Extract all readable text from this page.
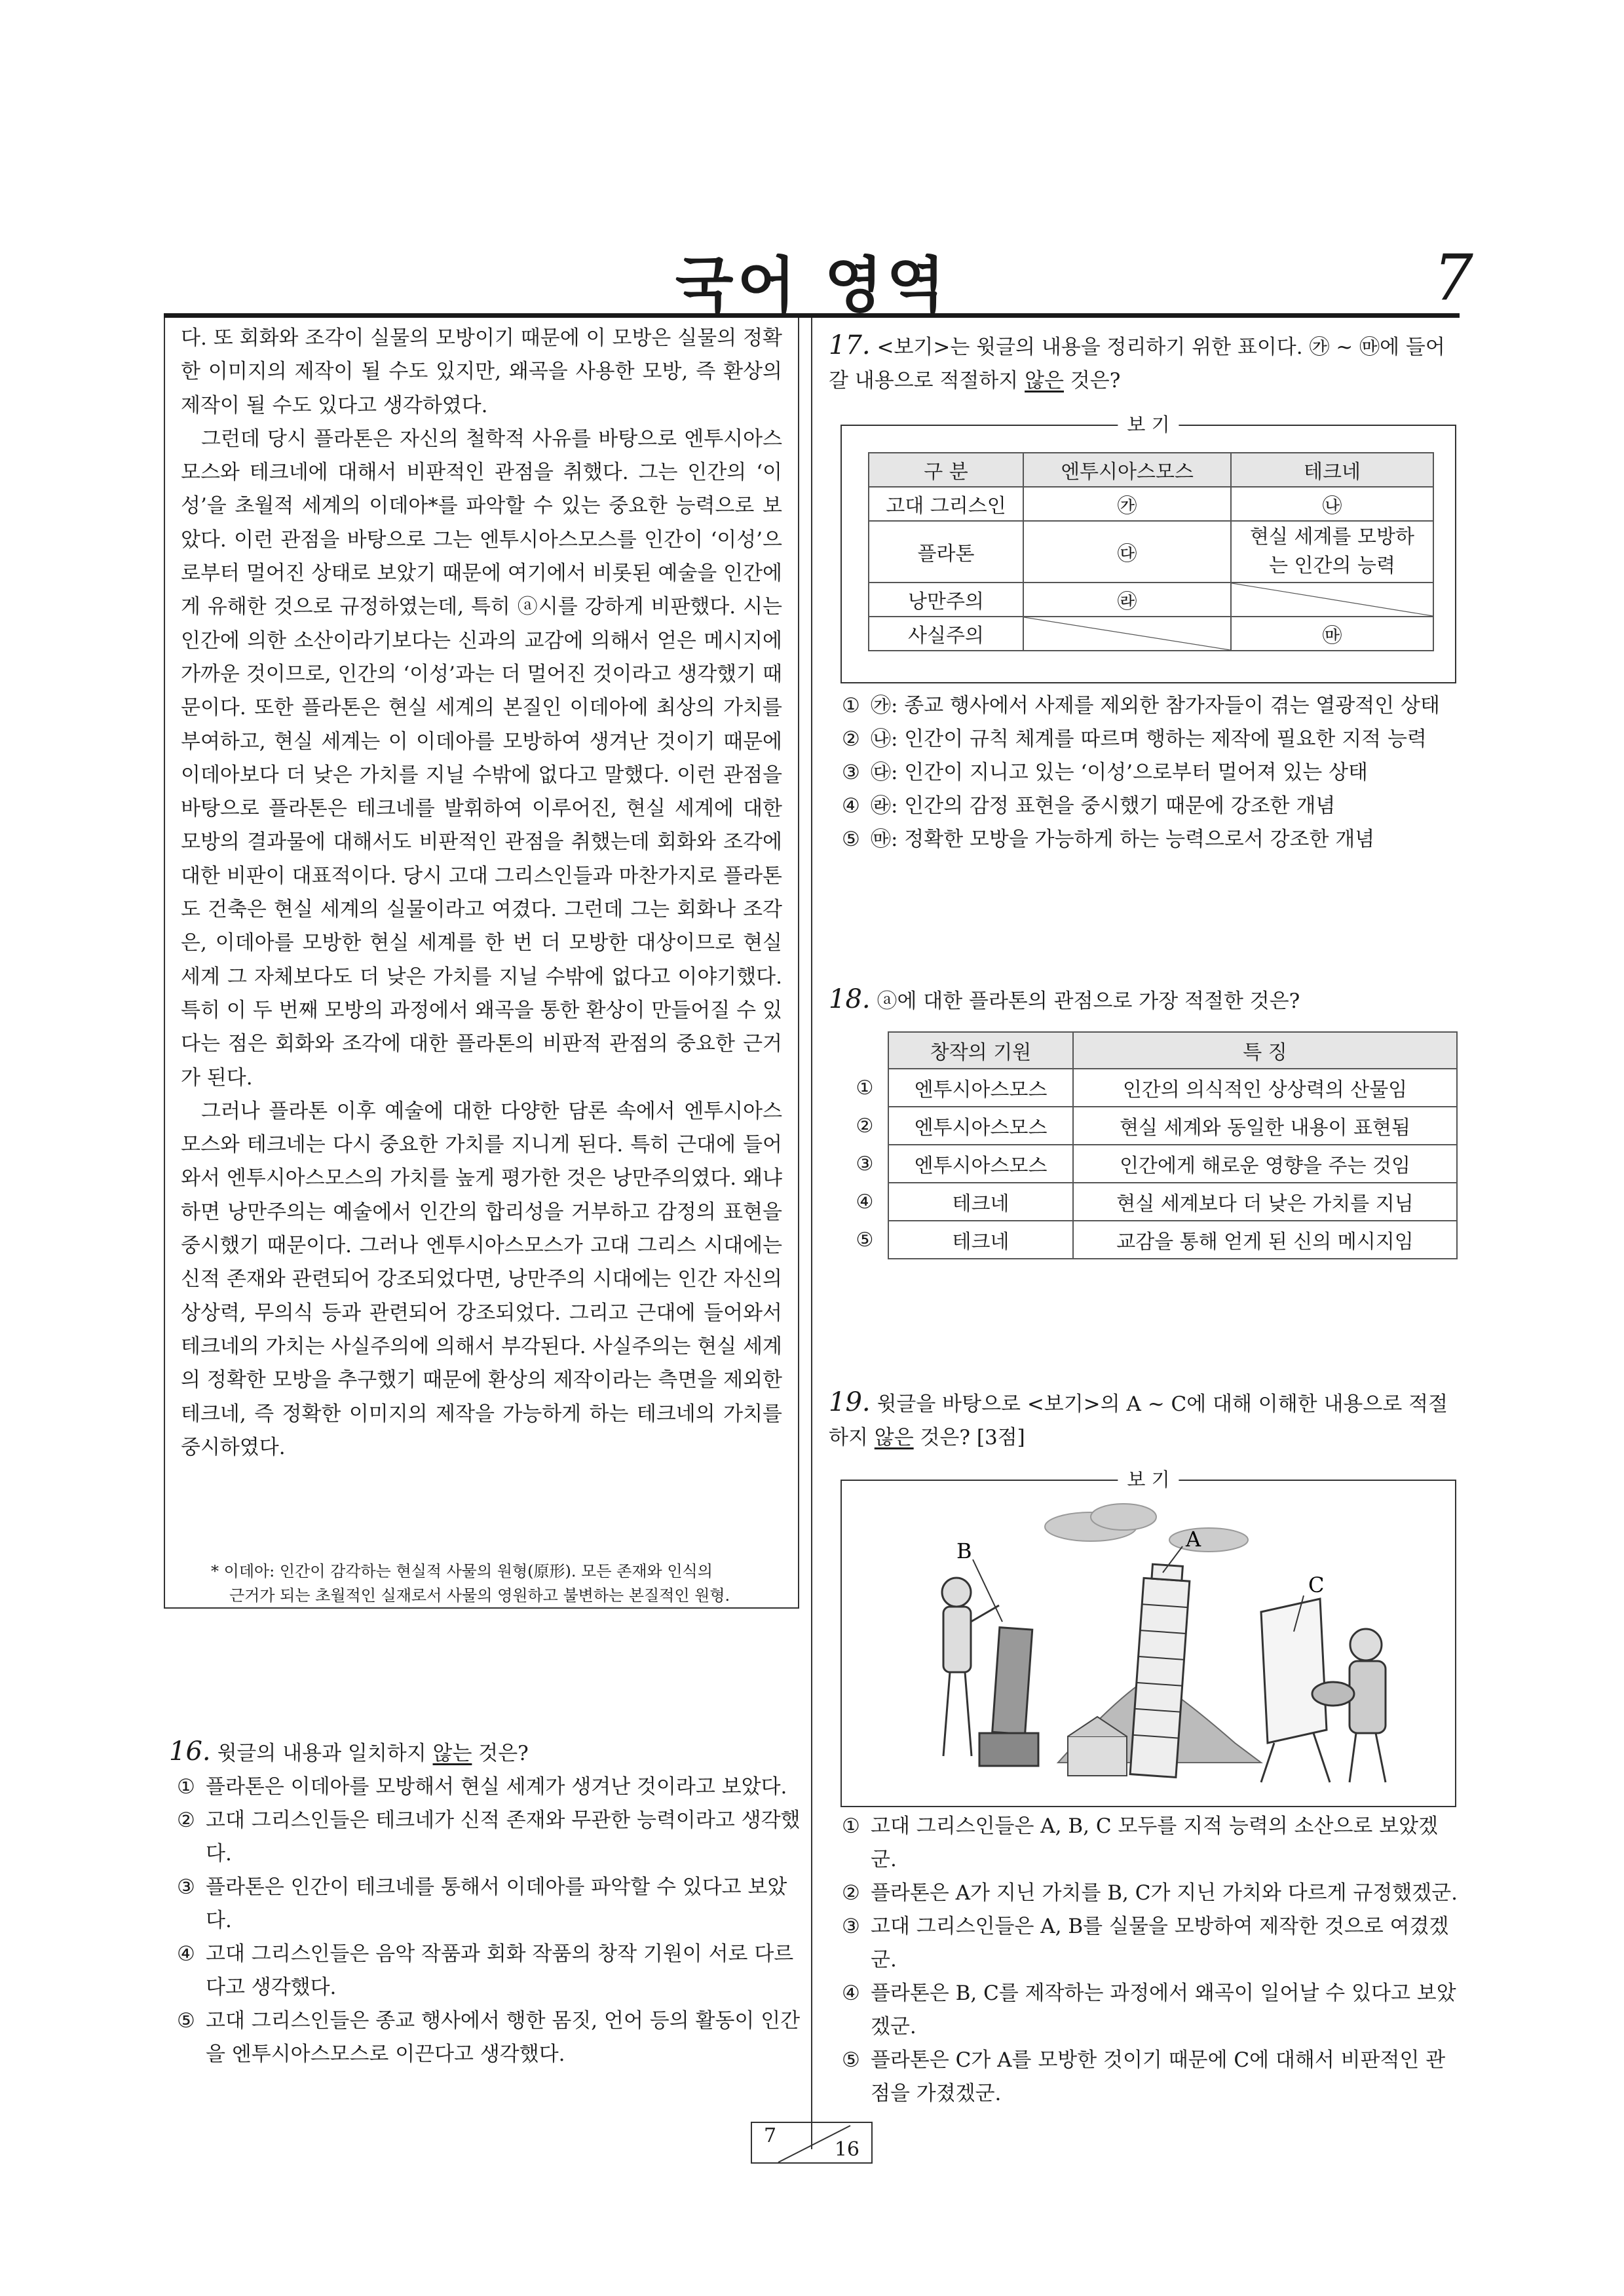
국어 영역	7

다. 또 회화와 조각이 실물의 모방이기 때문에 이 모방은 실물의 정확한 이미지의 제작이 될 수도 있지만, 왜곡을 사용한 모방, 즉 환상의 제작이 될 수도 있다고 생각하였다.

그런데 당시 플라톤은 자신의 철학적 사유를 바탕으로 엔투시아스모스와 테크네에 대해서 비판적인 관점을 취했다. 그는 인간의 ‘이성’을 초월적 세계의 이데아*를 파악할 수 있는 중요한 능력으로 보았다. 이런 관점을 바탕으로 그는 엔투시아스모스를 인간이 ‘이성’으로부터 멀어진 상태로 보았기 때문에 여기에서 비롯된 예술을 인간에게 유해한 것으로 규정하였는데, 특히 ⓐ시를 강하게 비판했다. 시는 인간에 의한 소산이라기보다는 신과의 교감에 의해서 얻은 메시지에 가까운 것이므로, 인간의 ‘이성’과는 더 멀어진 것이라고 생각했기 때문이다. 또한 플라톤은 현실 세계의 본질인 이데아에 최상의 가치를 부여하고, 현실 세계는 이 이데아를 모방하여 생겨난 것이기 때문에 이데아보다 더 낮은 가치를 지닐 수밖에 없다고 말했다. 이런 관점을 바탕으로 플라톤은 테크네를 발휘하여 이루어진, 현실 세계에 대한 모방의 결과물에 대해서도 비판적인 관점을 취했는데 회화와 조각에 대한 비판이 대표적이다. 당시 고대 그리스인들과 마찬가지로 플라톤도 건축은 현실 세계의 실물이라고 여겼다. 그런데 그는 회화나 조각은, 이데아를 모방한 현실 세계를 한 번 더 모방한 대상이므로 현실 세계 그 자체보다도 더 낮은 가치를 지닐 수밖에 없다고 이야기했다. 특히 이 두 번째 모방의 과정에서 왜곡을 통한 환상이 만들어질 수 있다는 점은 회화와 조각에 대한 플라톤의 비판적 관점의 중요한 근거가 된다.

그러나 플라톤 이후 예술에 대한 다양한 담론 속에서 엔투시아스모스와 테크네는 다시 중요한 가치를 지니게 된다. 특히 근대에 들어와서 엔투시아스모스의 가치를 높게 평가한 것은 낭만주의였다. 왜냐하면 낭만주의는 예술에서 인간의 합리성을 거부하고 감정의 표현을 중시했기 때문이다. 그러나 엔투시아스모스가 고대 그리스 시대에는 신적 존재와 관련되어 강조되었다면, 낭만주의 시대에는 인간 자신의 상상력, 무의식 등과 관련되어 강조되었다. 그리고 근대에 들어와서 테크네의 가치는 사실주의에 의해서 부각된다. 사실주의는 현실 세계의 정확한 모방을 추구했기 때문에 환상의 제작이라는 측면을 제외한 테크네, 즉 정확한 이미지의 제작을 가능하게 하는 테크네의 가치를 중시하였다.

* 이데아: 인간이 감각하는 현실적 사물의 원형(原形). 모든 존재와 인식의
근거가 되는 초월적인 실재로서 사물의 영원하고 불변하는 본질적인 원형.
16. 윗글의 내용과 일치하지 않는 것은?
① 플라톤은 이데아를 모방해서 현실 세계가 생겨난 것이라고 보았다.
② 고대 그리스인들은 테크네가 신적 존재와 무관한 능력이라고 생각했다.
③ 플라톤은 인간이 테크네를 통해서 이데아를 파악할 수 있다고 보았다.
④ 고대 그리스인들은 음악 작품과 회화 작품의 창작 기원이 서로 다르다고 생각했다.
⑤ 고대 그리스인들은 종교 행사에서 행한 몸짓, 언어 등의 활동이 인간을 엔투시아스모스로 이끈다고 생각했다.
17. <보기>는 윗글의 내용을 정리하기 위한 표이다. ㉮ ~ ㉲에 들어갈 내용으로 적절하지 않은 것은?
보 기
구 분	엔투시아스모스	테크네
고대 그리스인	㉮	㉯
플라톤	㉰	현실 세계를 모방하는 인간의 능력
낭만주의	㉱	

사실주의		㉲
① ㉮: 종교 행사에서 사제를 제외한 참가자들이 겪는 열광적인 상태
② ㉯: 인간이 규칙 체계를 따르며 행하는 제작에 필요한 지적 능력
③ ㉰: 인간이 지니고 있는 ‘이성’으로부터 멀어져 있는 상태
④ ㉱: 인간의 감정 표현을 중시했기 때문에 강조한 개념
⑤ ㉲: 정확한 모방을 가능하게 하는 능력으로서 강조한 개념
18. ⓐ에 대한 플라톤의 관점으로 가장 적절한 것은?
	창작의 기원	특 징
①	엔투시아스모스	인간의 의식적인 상상력의 산물임
②	엔투시아스모스	현실 세계와 동일한 내용이 표현됨
③	엔투시아스모스	인간에게 해로운 영향을 주는 것임
④	테크네	현실 세계보다 더 낮은 가치를 지님
⑤	테크네	교감을 통해 얻게 된 신의 메시지임
19. 윗글을 바탕으로 <보기>의 A ~ C에 대해 이해한 내용으로 적절하지 않은 것은? [3점]
보 기
A
B
C
① 고대 그리스인들은 A, B, C 모두를 지적 능력의 소산으로 보았겠군.
② 플라톤은 A가 지닌 가치를 B, C가 지닌 가치와 다르게 규정했겠군.
③ 고대 그리스인들은 A, B를 실물을 모방하여 제작한 것으로 여겼겠군.
④ 플라톤은 B, C를 제작하는 과정에서 왜곡이 일어날 수 있다고 보았겠군.
⑤ 플라톤은 C가 A를 모방한 것이기 때문에 C에 대해서 비판적인 관점을 가졌겠군.
7
16
